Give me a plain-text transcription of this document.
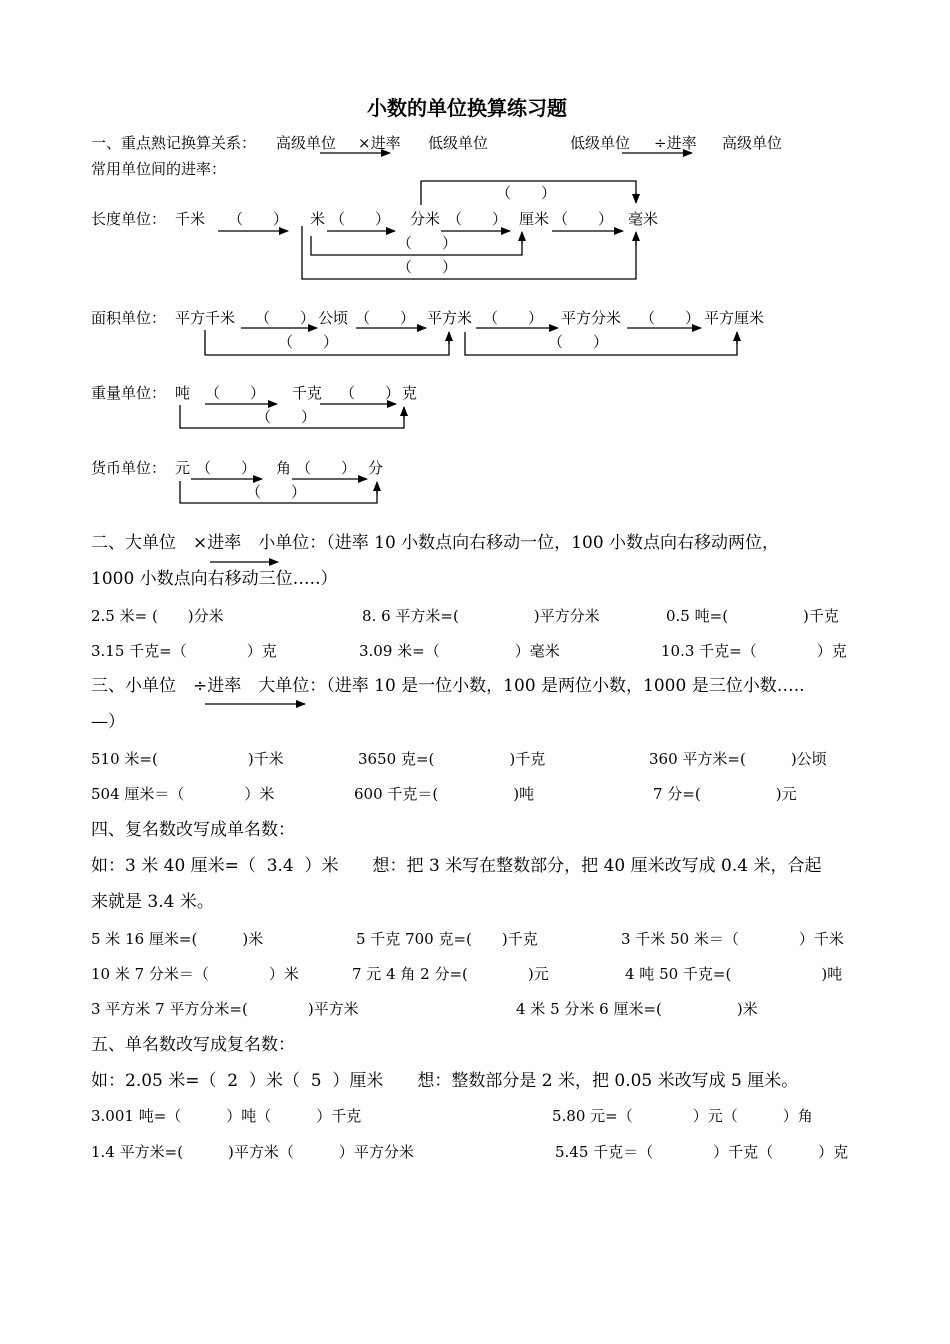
小数的单位换算练习题
一、重点熟记换算关系： 高级单位 ×进率 低级单位	低级单位 ÷进率 高级单位
常用单位间的进率：
长度单位： 千米	米	分米	厘米	毫米
（　　）	（　　）	（　　）	（　　）
（　　）
（　　）
（　　）
面积单位： 平方千米	公顷	平方米	平方分米	平方厘米
（　　）	（　　）	（　　）	（　　）
（　　）	（　　）
重量单位： 吨	千克	克
（　　）	（　　）
（　　）
货币单位： 元	角	分
（　　）	（　　）
（　　）
二、大单位　×进率　小单位：（进率 10 小数点向右移动一位，100 小数点向右移动两位，
1000 小数点向右移动三位…..）
2.5 米= (　　)分米	8. 6 平方米=(　　　　　)平方分米	0.5 吨=(　　　　　)千克
3.15 千克=（　　　　）克	3.09 米=（　　　　　）毫米	10.3 千克=（　　　　）克
三、小单位　÷进率　大单位：（进率 10 是一位小数，100 是两位小数，1000 是三位小数…..
—）
510 米=(　　　　　　)千米	3650 克=(　　　　　)千克	360 平方米=(　　　)公顷
504 厘米＝（　　　　）米	600 千克＝(　　　　　)吨	7 分=(　　　　　)元
四、复名数改写成单名数：
如：3 米 40 厘米=（  3.4  ）米　　想：把 3 米写在整数部分，把 40 厘米改写成 0.4 米，合起
来就是 3.4 米。
5 米 16 厘米=(　　　)米	5 千克 700 克=(　　)千克	3 千米 50 米＝（　　　　）千米
10 米 7 分米＝（　　　　）米	7 元 4 角 2 分=(　　　　)元	4 吨 50 千克=(　　　　　　)吨
3 平方米 7 平方分米=(　　　　)平方米	4 米 5 分米 6 厘米=(　　　　　)米
五、单名数改写成复名数：
如：2.05 米=（  2  ）米（  5  ）厘米　　想：整数部分是 2 米，把 0.05 米改写成 5 厘米。
3.001 吨=（　　　）吨（　　　）千克	5.80 元=（　　　　）元（　　　）角
1.4 平方米=(　　　)平方米（　　　）平方分米	5.45 千克＝（　　　　）千克（　　　）克
